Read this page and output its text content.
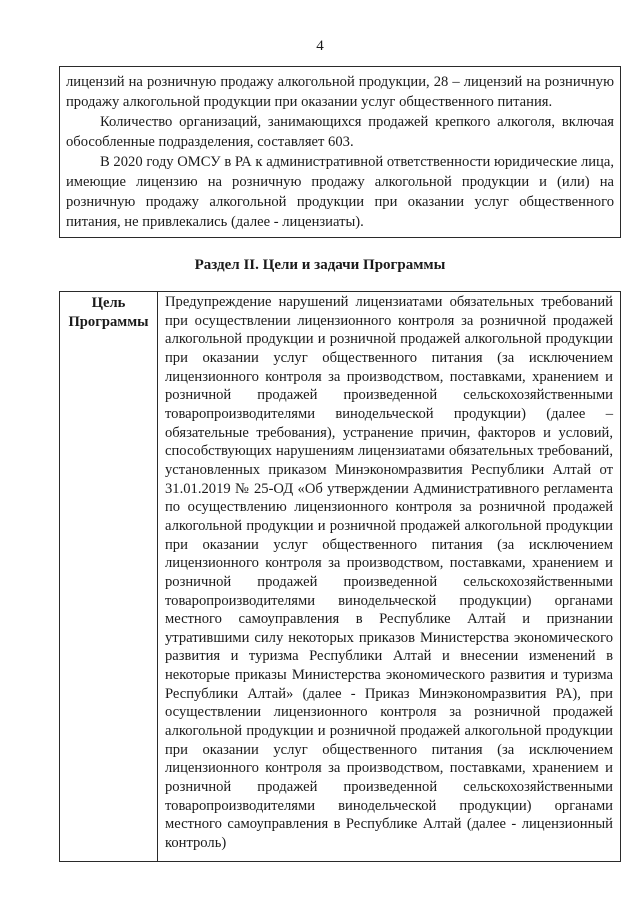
4

лицензий на розничную продажу алкогольной продукции, 28 – лицензий на розничную продажу алкогольной продукции при оказании услуг общественного питания.

Количество организаций, занимающихся продажей крепкого алкоголя, включая обособленные подразделения, составляет 603.

В 2020 году ОМСУ в РА к административной ответственности юридические лица, имеющие лицензию на розничную продажу алкогольной продукции и (или) на розничную продажу алкогольной продукции при оказании услуг общественного питания, не привлекались (далее - лицензиаты).

Раздел II. Цели и задачи Программы
Цель
Программы
Предупреждение нарушений лицензиатами обязательных требований при осуществлении лицензионного контроля за розничной продажей алкогольной продукции и розничной продажей алкогольной продукции при оказании услуг общественного питания (за исключением лицензионного контроля за производством, поставками, хранением и розничной продажей произведенной сельскохозяйственными товаропроизводителями винодельческой продукции) (далее – обязательные требования), устранение причин, факторов и условий, способствующих нарушениям лицензиатами обязательных требований, установленных приказом Минэкономразвития Республики Алтай от 31.01.2019 № 25-ОД «Об утверждении Административного регламента по осуществлению лицензионного контроля за розничной продажей алкогольной продукции и розничной продажей алкогольной продукции при оказании услуг общественного питания (за исключением лицензионного контроля за производством, поставками, хранением и розничной продажей произведенной сельскохозяйственными товаропроизводителями винодельческой продукции) органами местного самоуправления в Республике Алтай и признании утратившими силу некоторых приказов Министерства экономического развития и туризма Республики Алтай и внесении изменений в некоторые приказы Министерства экономического развития и туризма Республики Алтай» (далее - Приказ Минэкономразвития РА), при осуществлении лицензионного контроля за розничной продажей алкогольной продукции и розничной продажей алкогольной продукции при оказании услуг общественного питания (за исключением лицензионного контроля за производством, поставками, хранением и розничной продажей произведенной сельскохозяйственными товаропроизводителями винодельческой продукции) органами местного самоуправления в Республике Алтай (далее - лицензионный контроль)
